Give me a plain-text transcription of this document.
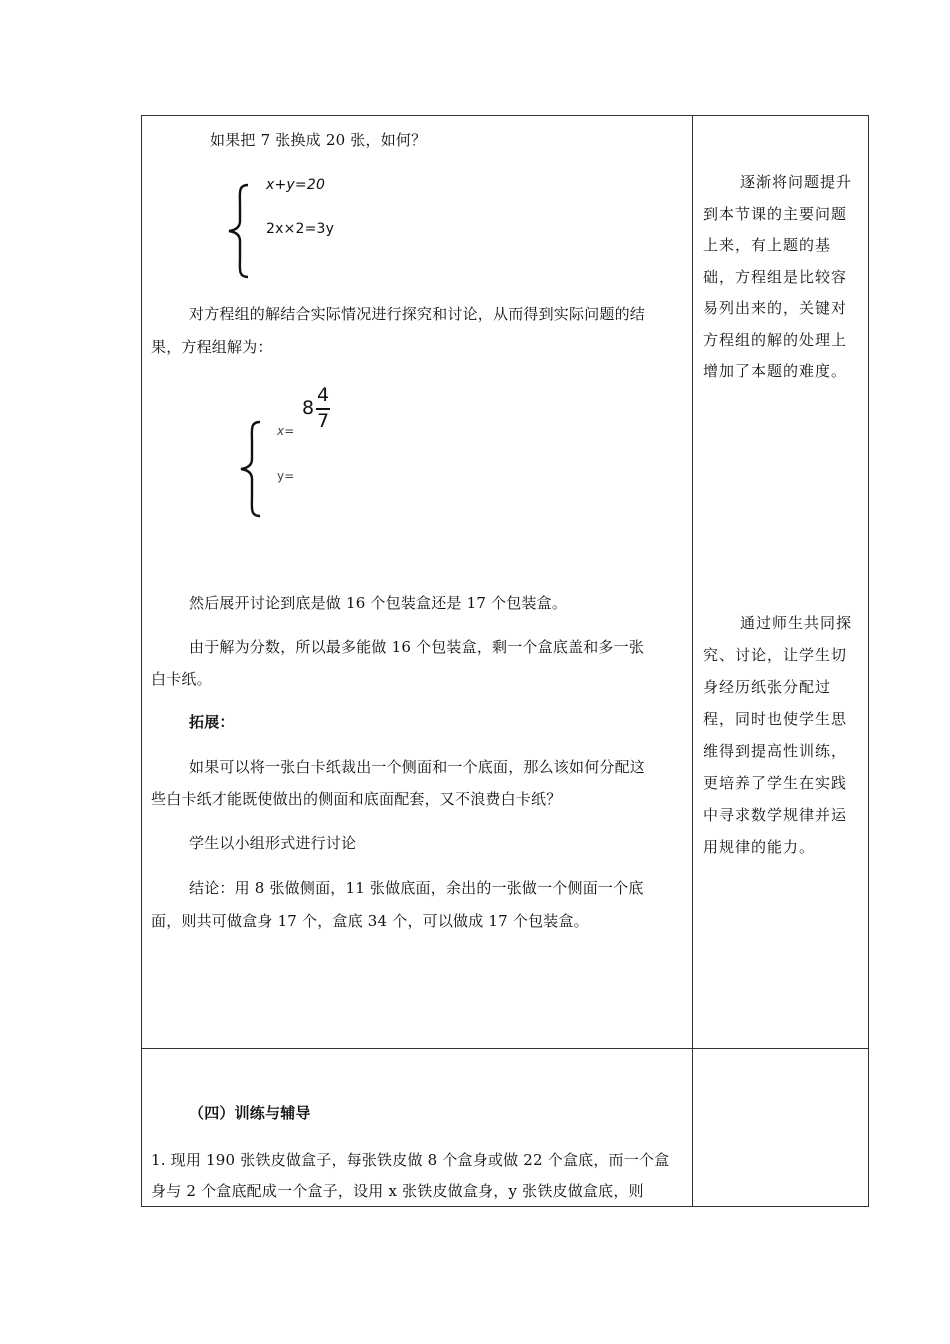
如果把 7 张换成 20 张，如何？
x+y=20
2x×2=3y
对方程组的解结合实际情况进行探究和讨论，从而得到实际问题的结
果，方程组解为：
x=
8
4
7
y=
然后展开讨论到底是做 16 个包装盒还是 17 个包装盒。
由于解为分数，所以最多能做 16 个包装盒，剩一个盒底盖和多一张
白卡纸。
拓展：
如果可以将一张白卡纸裁出一个侧面和一个底面，那么该如何分配这
些白卡纸才能既使做出的侧面和底面配套，又不浪费白卡纸？
学生以小组形式进行讨论
结论：用 8 张做侧面，11 张做底面，余出的一张做一个侧面一个底
面，则共可做盒身 17 个，盒底 34 个，可以做成 17 个包装盒。
（四）训练与辅导
1. 现用 190 张铁皮做盒子，每张铁皮做 8 个盒身或做 22 个盒底，而一个盒
身与 2 个盒底配成一个盒子，设用 x 张铁皮做盒身，y 张铁皮做盒底，则
逐渐将问题提升
到本节课的主要问题
上来，有上题的基
础，方程组是比较容
易列出来的，关键对
方程组的解的处理上
增加了本题的难度。
通过师生共同探
究、讨论，让学生切
身经历纸张分配过
程，同时也使学生思
维得到提高性训练，
更培养了学生在实践
中寻求数学规律并运
用规律的能力。
